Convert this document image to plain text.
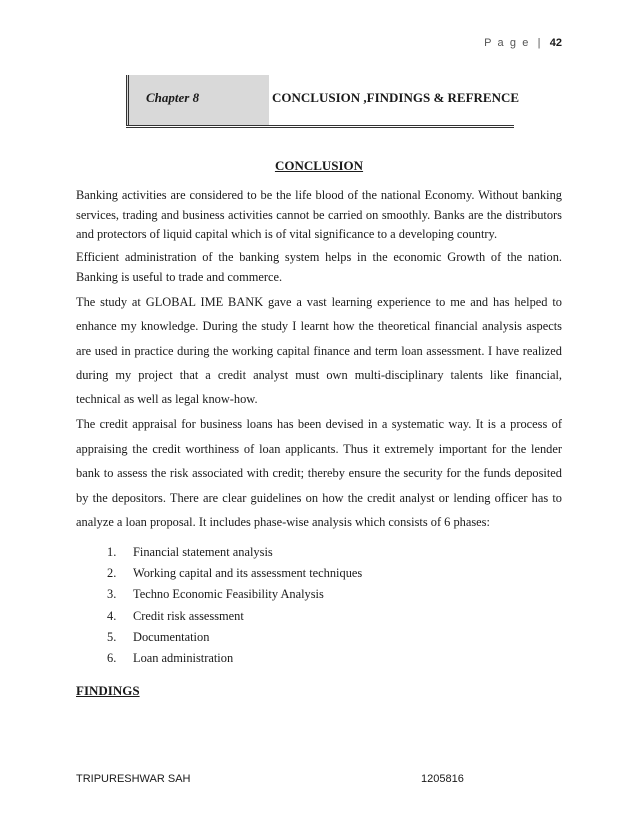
P a g e | 42
Chapter 8	CONCLUSION ,FINDINGS & REFRENCE
CONCLUSION

Banking activities are considered to be the life blood of the national Economy. Without banking services, trading and business activities cannot be carried on smoothly. Banks are the distributors and protectors of liquid capital which is of vital significance to a developing country.

Efficient administration of the banking system helps in the economic Growth of the nation. Banking is useful to trade and commerce.

The study at GLOBAL IME BANK gave a vast learning experience to me and has helped to enhance my knowledge. During the study I learnt how the theoretical financial analysis aspects are used in practice during the working capital finance and term loan assessment. I have realized during my project that a credit analyst must own multi-disciplinary talents like financial, technical as well as legal know-how.

The credit appraisal for business loans has been devised in a systematic way. It is a process of appraising the credit worthiness of loan applicants. Thus it extremely important for the lender bank to assess the risk associated with credit; thereby ensure the security for the funds deposited by the depositors. There are clear guidelines on how the credit analyst or lending officer has to analyze a loan proposal. It includes phase-wise analysis which consists of 6 phases:

1. Financial statement analysis
2. Working capital and its assessment techniques
3. Techno Economic Feasibility Analysis
4. Credit risk assessment
5. Documentation
6. Loan administration
FINDINGS
TRIPURESHWAR SAH	1205816
